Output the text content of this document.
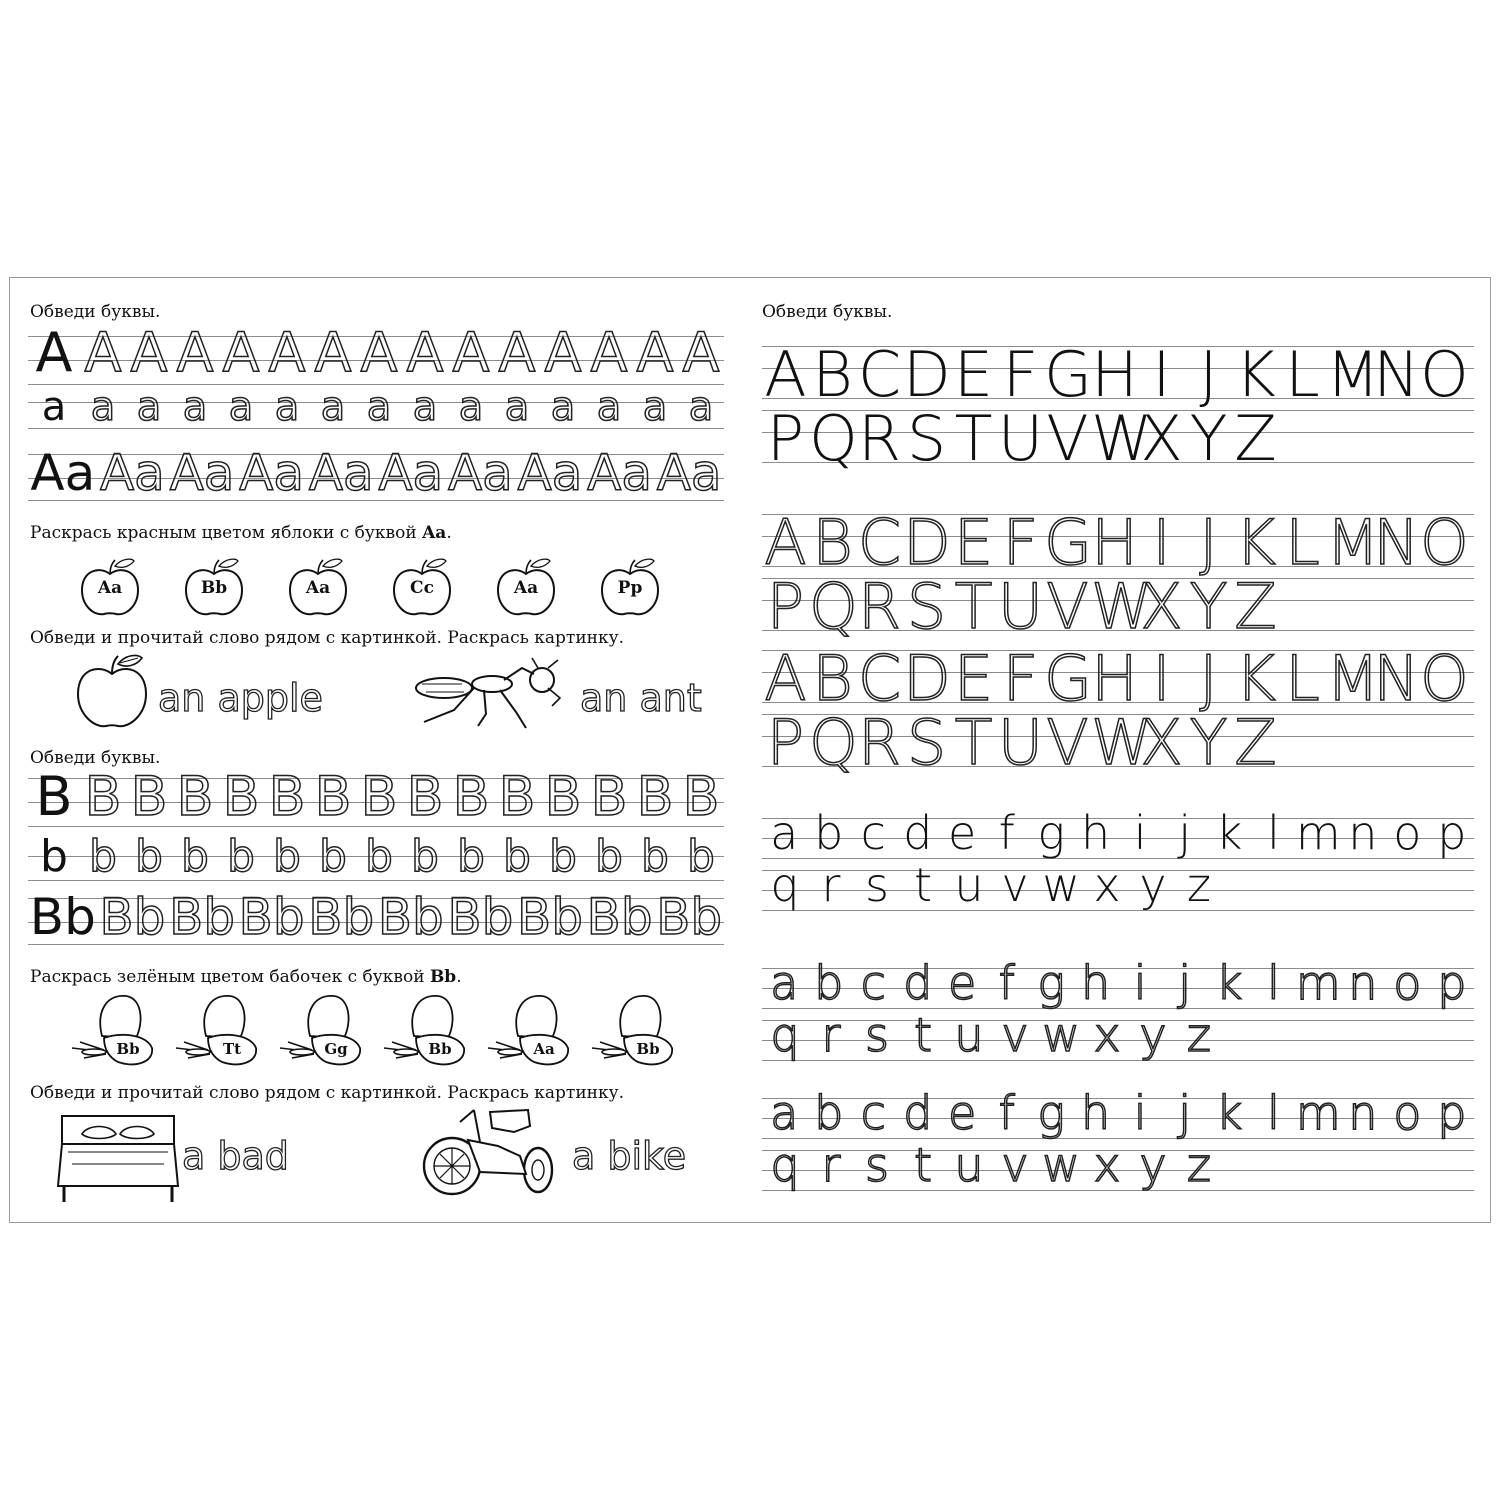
Обведи буквы.
A A A A A A A A A A A A A A A
a a a a a a a a a a a a a a a
Aa Aa Aa Aa Aa Aa Aa Aa Aa Aa
Раскрась красным цветом яблоки с буквой Aa.
Обведи и прочитай слово рядом с картинкой. Раскрась картинку.
an apple	an ant
Обведи буквы.
B B B B B B B B B B B B B B B
b b b b b b b b b b b b b b b
Bb Bb Bb Bb Bb Bb Bb Bb Bb Bb
Раскрась зелёным цветом бабочек с буквой Bb.
Обведи и прочитай слово рядом с картинкой. Раскрась картинку.
a bad	a bike
Aa	Bb	Aa	Cc	Aa	Pp
Bb	Tt	Gg	Bb	Aa	Bb
Обведи буквы.
A B C D E F G H I J K L M
N O
P Q R S T U V W
X Y Z
A B C D E F G H I J K L M
N O
P Q R S T U V W
X Y Z
A B C D E F G H I J K L M
N O
P Q R S T U V W
X Y Z
a b c d e f g h i j k l m n o p
q r s t u v w x y z
a b c d e f g h i j k l m n o p
q r s t u v w x y z
a b c d e f g h i j k l m n o p
q r s t u v w x y z
